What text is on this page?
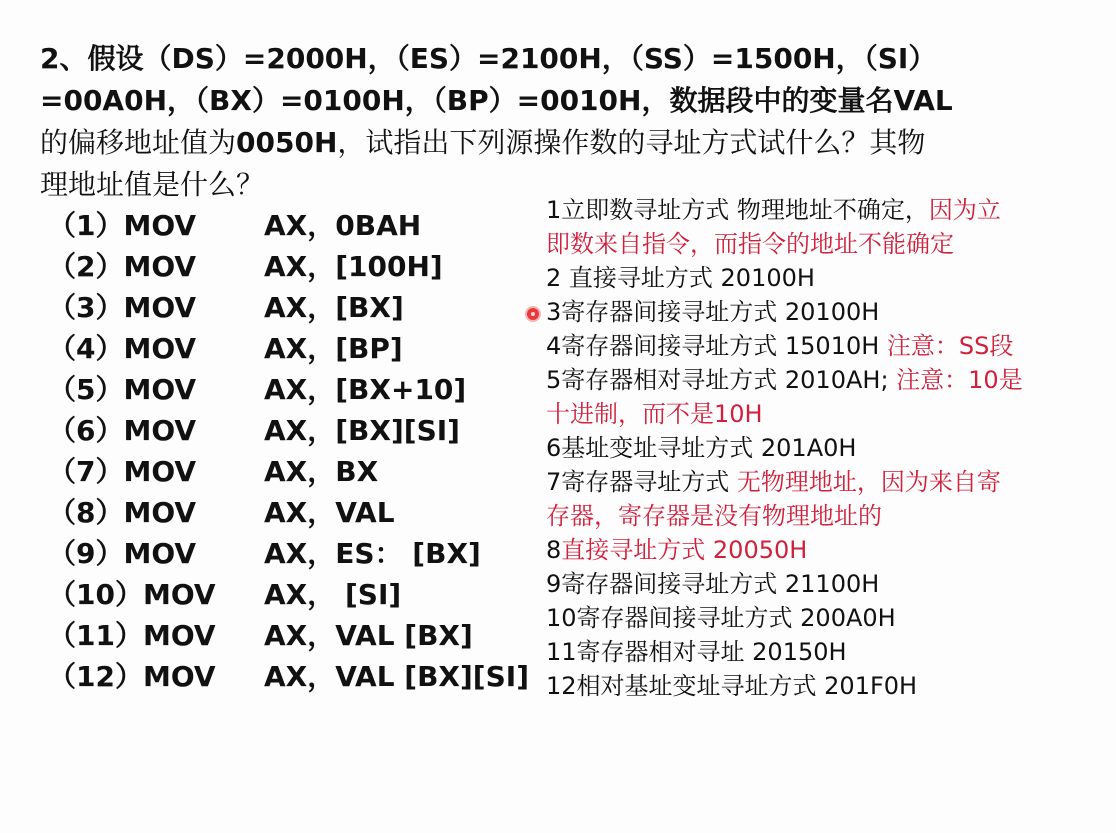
2、假设（DS）=2000H，（ES）=2100H，（SS）=1500H，（SI）
=00A0H，（BX）=0100H，（BP）=0010H，数据段中的变量名VAL
的偏移地址值为0050H，试指出下列源操作数的寻址方式试什么？其物
理地址值是什么？
（1）MOV AX，0BAH
（2）MOV AX，[100H]
（3）MOV AX，[BX]
（4）MOV AX，[BP]
（5）MOV AX，[BX+10]
（6）MOV AX，[BX][SI]
（7）MOV AX，BX
（8）MOV AX，VAL
（9）MOV AX，ES： [BX]
（10）MOV AX， [SI]
（11）MOV AX，VAL [BX]
（12）MOV AX，VAL [BX][SI]
1立即数寻址方式 物理地址不确定，因为立
即数来自指令，而指令的地址不能确定
2 直接寻址方式 20100H
3寄存器间接寻址方式 20100H
4寄存器间接寻址方式 15010H 注意：SS段
5寄存器相对寻址方式 2010AH; 注意：10是
十进制，而不是10H
6基址变址寻址方式 201A0H
7寄存器寻址方式 无物理地址，因为来自寄
存器，寄存器是没有物理地址的
8直接寻址方式 20050H
9寄存器间接寻址方式 21100H
10寄存器间接寻址方式 200A0H
11寄存器相对寻址 20150H
12相对基址变址寻址方式 201F0H
